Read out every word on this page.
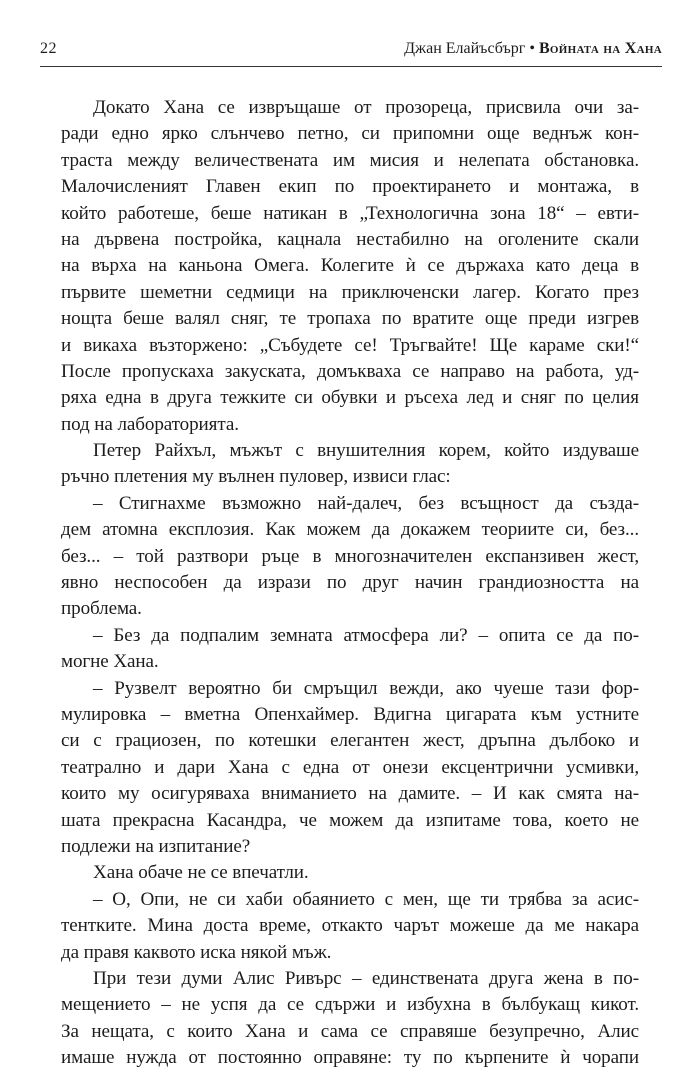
22	Джан Елайъсбърг • Войната на Хана
Докато Хана се извръщаше от прозореца, присвила очи за-
ради едно ярко слънчево петно, си припомни още веднъж кон-
траста между величествената им мисия и нелепата обстановка.
Малочисленият Главен екип по проектирането и монтажа, в
който работеше, беше натикан в „Технологична зона 18“ – евти-
на дървена постройка, кацнала нестабилно на оголените скали
на върха на каньона Омега. Колегите ѝ се държаха като деца в
първите шеметни седмици на приключенски лагер. Когато през
нощта беше валял сняг, те тропаха по вратите още преди изгрев
и викаха възторжено: „Събудете се! Тръгвайте! Ще караме ски!“
После пропускаха закуската, домъкваха се направо на работа, уд-
ряха една в друга тежките си обувки и ръсеха лед и сняг по целия
под на лабораторията.
Петер Райхъл, мъжът с внушителния корем, който издуваше
ръчно плетения му вълнен пуловер, извиси глас:
– Стигнахме възможно най-далеч, без всъщност да създа-
дем атомна експлозия. Как можем да докажем теориите си, без...
без... – той разтвори ръце в многозначителен експанзивен жест,
явно неспособен да изрази по друг начин грандиозността на
проблема.
– Без да подпалим земната атмосфера ли? – опита се да по-
могне Хана.
– Рузвелт вероятно би смръщил вежди, ако чуеше тази фор-
мулировка – вметна Опенхаймер. Вдигна цигарата към устните
си с грациозен, по котешки елегантен жест, дръпна дълбоко и
театрално и дари Хана с една от онези ексцентрични усмивки,
които му осигуряваха вниманието на дамите. – И как смята на-
шата прекрасна Касандра, че можем да изпитаме това, което не
подлежи на изпитание?
Хана обаче не се впечатли.
– О, Опи, не си хаби обаянието с мен, ще ти трябва за асис-
тентките. Мина доста време, откакто чарът можеше да ме накара
да правя каквото иска някой мъж.
При тези думи Алис Ривърс – единствената друга жена в по-
мещението – не успя да се сдържи и избухна в бълбукащ кикот.
За нещата, с които Хана и сама се справяше безупречно, Алис
имаше нужда от постоянно оправяне: ту по кърпените ѝ чорапи
